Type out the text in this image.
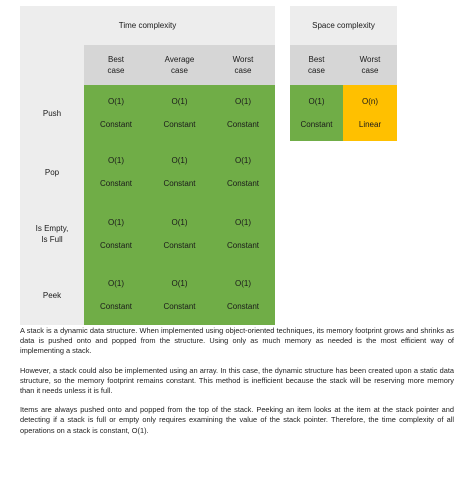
Time complexity	Space complexity
Best
case
Average
case
Worst
case
Best
case
Worst
case
Push
O(1)
Constant
O(1)
Constant
O(1)
Constant
O(1)
Constant
O(n)
Linear
Pop
O(1)
Constant
O(1)
Constant
O(1)
Constant
Is Empty,
Is Full
O(1)
Constant
O(1)
Constant
O(1)
Constant
Peek
O(1)
Constant
O(1)
Constant
O(1)
Constant

A stack is a dynamic data structure. When implemented using object-oriented techniques, its memory footprint grows and shrinks as data is pushed onto and popped from the structure. Using only as much memory as needed is the most efficient way of implementing a stack.

However, a stack could also be implemented using an array. In this case, the dynamic structure has been created upon a static data structure, so the memory footprint remains constant. This method is inefficient because the stack will be reserving more memory than it needs unless it is full.

Items are always pushed onto and popped from the top of the stack. Peeking an item looks at the item at the stack pointer and detecting if a stack is full or empty only requires examining the value of the stack pointer. Therefore, the time complexity of all operations on a stack is constant, O(1).
